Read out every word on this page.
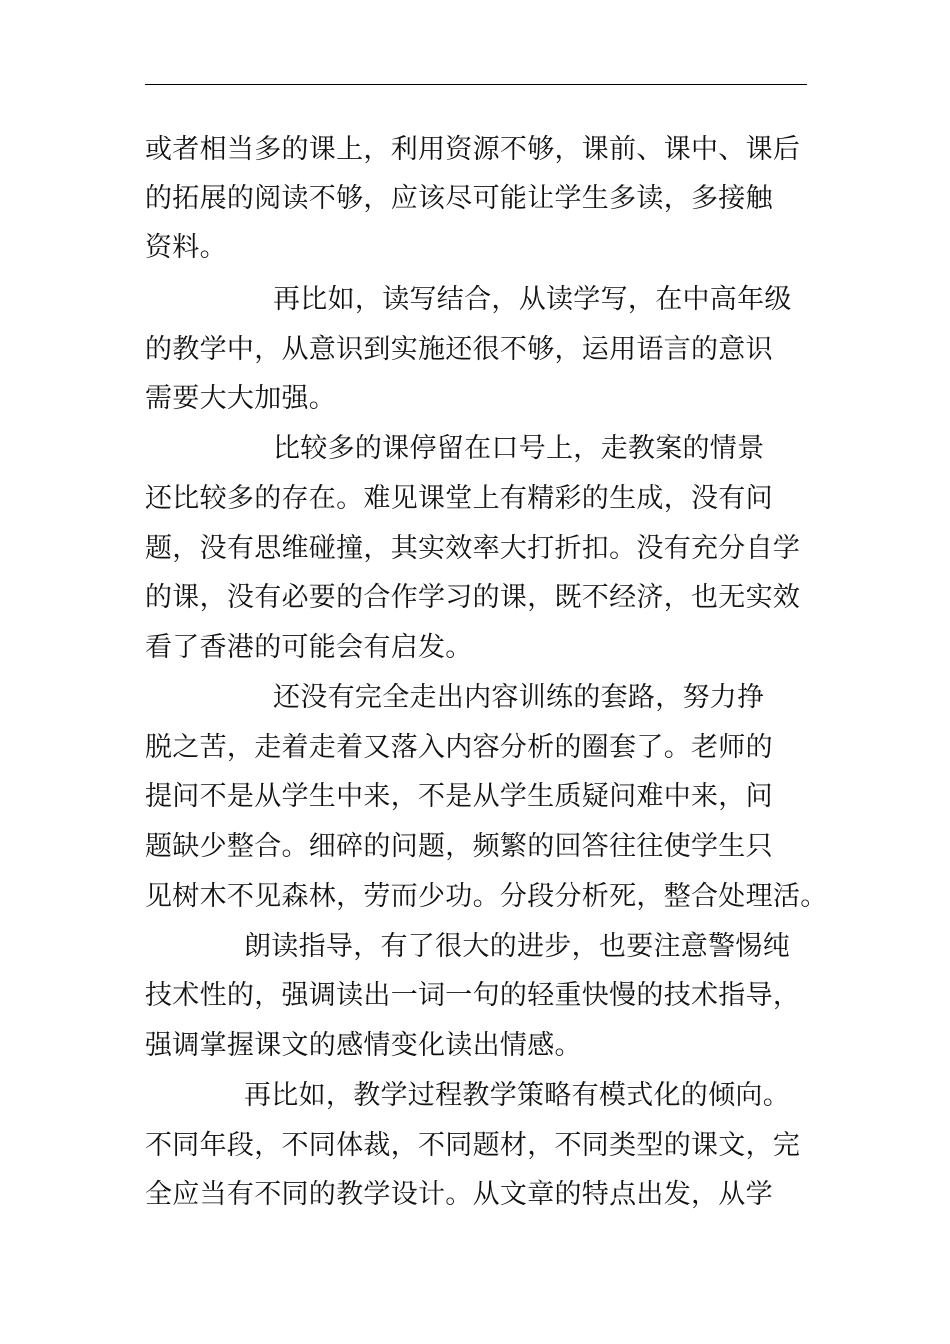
或者相当多的课上，利用资源不够，课前、课中、课后
的拓展的阅读不够，应该尽可能让学生多读，多接触
资料。
再比如，读写结合，从读学写，在中高年级
的教学中，从意识到实施还很不够，运用语言的意识
需要大大加强。
比较多的课停留在口号上，走教案的情景
还比较多的存在。难见课堂上有精彩的生成，没有问
题，没有思维碰撞，其实效率大打折扣。没有充分自学
的课，没有必要的合作学习的课，既不经济，也无实效
看了香港的可能会有启发。
还没有完全走出内容训练的套路，努力挣
脱之苦，走着走着又落入内容分析的圈套了。老师的
提问不是从学生中来，不是从学生质疑问难中来，问
题缺少整合。细碎的问题，频繁的回答往往使学生只
见树木不见森林，劳而少功。分段分析死，整合处理活。
朗读指导，有了很大的进步，也要注意警惕纯
技术性的，强调读出一词一句的轻重快慢的技术指导，
强调掌握课文的感情变化读出情感。
再比如，教学过程教学策略有模式化的倾向。
不同年段，不同体裁，不同题材，不同类型的课文，完
全应当有不同的教学设计。从文章的特点出发，从学
